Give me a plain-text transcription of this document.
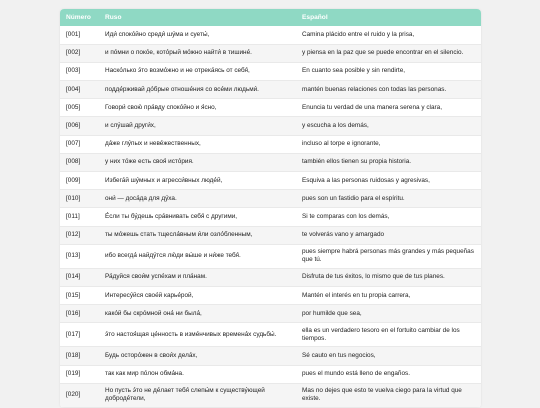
Número	Ruso	Español
[001]	Иди́ споко́йно среди́ шу́ма и суеты́,	Camina plácido entre el ruido y la prisa,
[002]	и по́мни о поко́е, кото́рый мо́жно найти́ в тишине́.	y piensa en la paz que se puede encontrar en el silencio.
[003]	Наско́лько э́то возмо́жно и не отрека́ясь от себя́,	En cuanto sea posible y sin rendirte,
[004]	подде́рживай до́брые отноше́ния со все́ми людьми́.	mantén buenas relaciones con todas las personas.
[005]	Говори́ свою́ пра́вду споко́йно и я́сно,	Enuncia tu verdad de una manera serena y clara,
[006]	и слу́шай други́х,	y escucha a los demás,
[007]	да́же глу́пых и неве́жественных,	incluso al torpe e ignorante,
[008]	у них то́же есть своя́ исто́рия.	también ellos tienen su propia historia.
[009]	Избега́й шу́мных и агресси́вных люде́й,	Esquiva a las personas ruidosas y agresivas,
[010]	они́ — доса́да для ду́ха.	pues son un fastidio para el espíritu.
[011]	Е́сли ты бу́дешь сра́внивать себя́ с другими,	Si te comparas con los demás,
[012]	ты мо́жешь стать тщесла́вным и́ли озло́бленным,	te volverás vano y amargado
[013]	ибо всегда́ найду́тся лю́ди вы́ше и ни́же тебя́.	pues siempre habrá personas más grandes y más pequeñas que tú.
[014]	Ра́дуйся свои́м успе́хам и пла́нам.	Disfruta de tus éxitos, lo mismo que de tus planes.
[015]	Интересу́йся свое́й карье́рой,	Mantén el interés en tu propia carrera,
[016]	како́й бы скро́мной она́ ни была́,	por humilde que sea,
[017]	э́то настоя́щая це́нность в изме́нчивых времена́х судьбы́.	ella es un verdadero tesoro en el fortuito cambiar de los tiempos.
[018]	Будь осторо́жен в свои́х дела́х,	Sé cauto en tus negocios,
[019]	так как мир по́лон обма́на.	pues el mundo está lleno de engaños.
[020]	Но пусть э́то не де́лает тебя́ слепы́м к существу́ющей доброде́тели,	Mas no dejes que esto te vuelva ciego para la virtud que existe.
